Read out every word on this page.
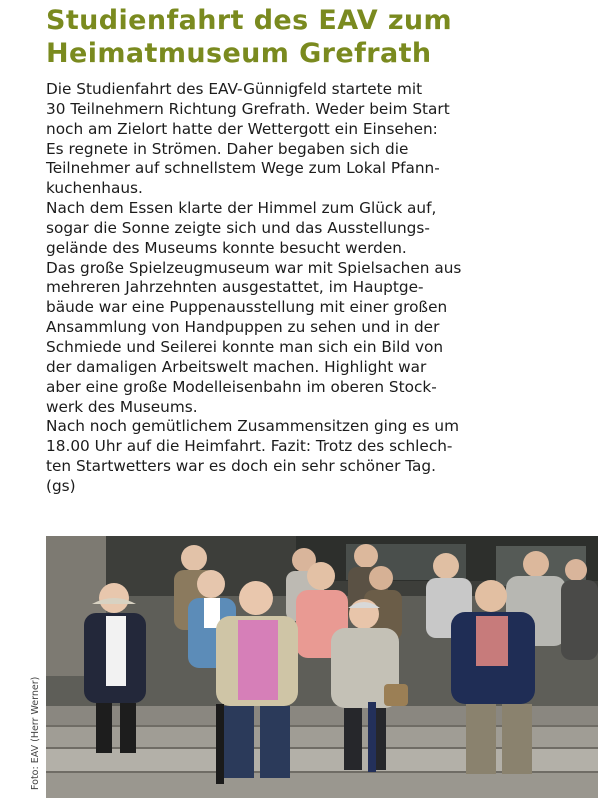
Studienfahrt des EAV zum
Heimatmuseum Grefrath
Die Studienfahrt des EAV-Günnigfeld startete mit
30 Teilnehmern Richtung Grefrath. Weder beim Start
noch am Zielort hatte der Wettergott ein Einsehen:
Es regnete in Strömen. Daher begaben sich die
Teilnehmer auf schnellstem Wege zum Lokal Pfann-
kuchenhaus.
Nach dem Essen klarte der Himmel zum Glück auf,
sogar die Sonne zeigte sich und das Ausstellungs-
gelände des Museums konnte besucht werden.
Das große Spielzeugmuseum war mit Spielsachen aus
mehreren Jahrzehnten ausgestattet, im Hauptge-
bäude war eine Puppenausstellung mit einer großen
Ansammlung von Handpuppen zu sehen und in der
Schmiede und Seilerei konnte man sich ein Bild von
der damaligen Arbeitswelt machen. Highlight war
aber eine große Modelleisenbahn im oberen Stock-
werk des Museums.
Nach noch gemütlichem Zusammensitzen ging es um
18.00 Uhr auf die Heimfahrt. Fazit: Trotz des schlech-
ten Startwetters war es doch ein sehr schöner Tag.
(gs)
Foto: EAV (Herr Werner)
